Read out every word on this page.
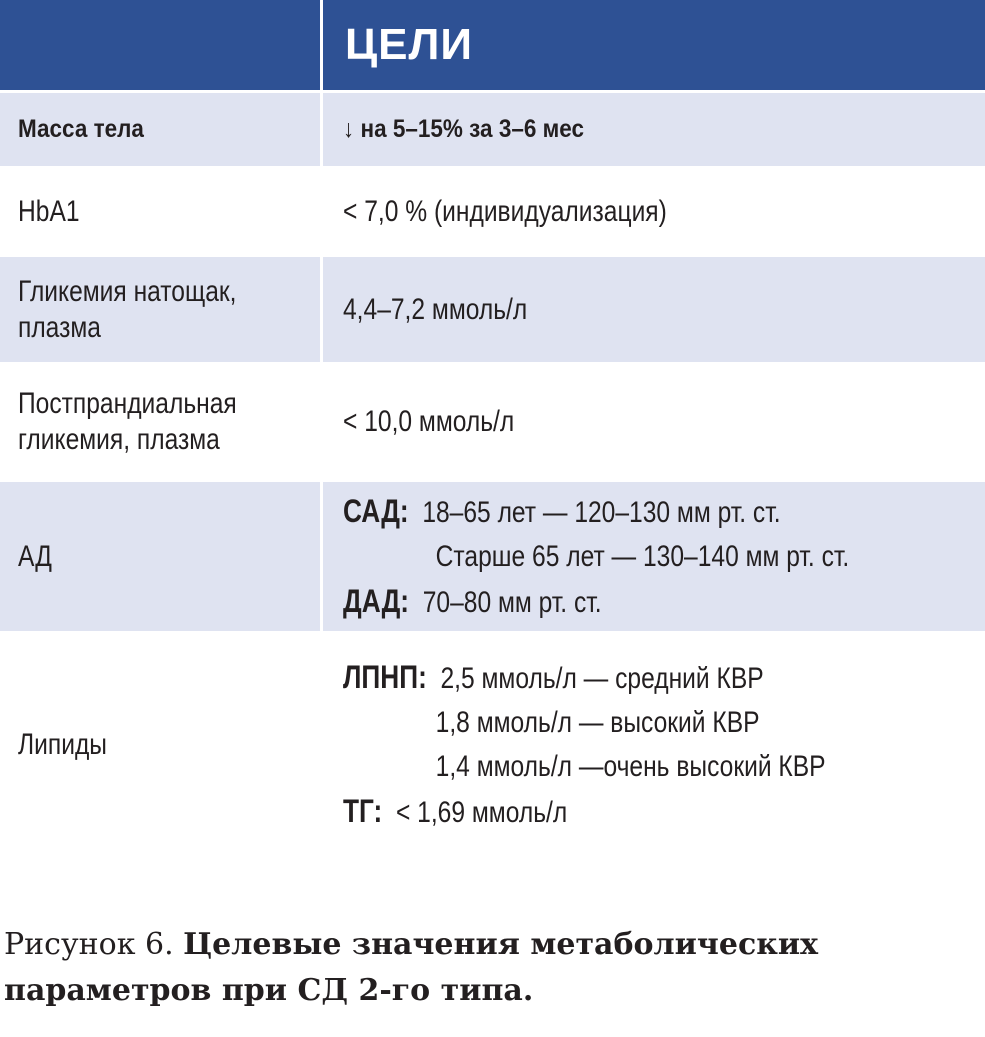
ЦЕЛИ
Масса тела	↓ на 5–15% за 3–6 мес
HbA1	< 7,0 % (индивидуализация)
Гликемия натощак,
плазма
4,4–7,2 ммоль/л
Постпрандиальная
гликемия, плазма
< 10,0 ммоль/л
АД
САД: 18–65 лет — 120–130 мм рт. ст.
Старше 65 лет — 130–140 мм рт. ст.
ДАД: 70–80 мм рт. ст.
Липиды
ЛПНП: 2,5 ммоль/л — средний КВР
1,8 ммоль/л — высокий КВР
1,4 ммоль/л —очень высокий КВР
ТГ: < 1,69 ммоль/л
Рисунок 6. Целевые значения метаболических параметров при СД 2-го типа.
